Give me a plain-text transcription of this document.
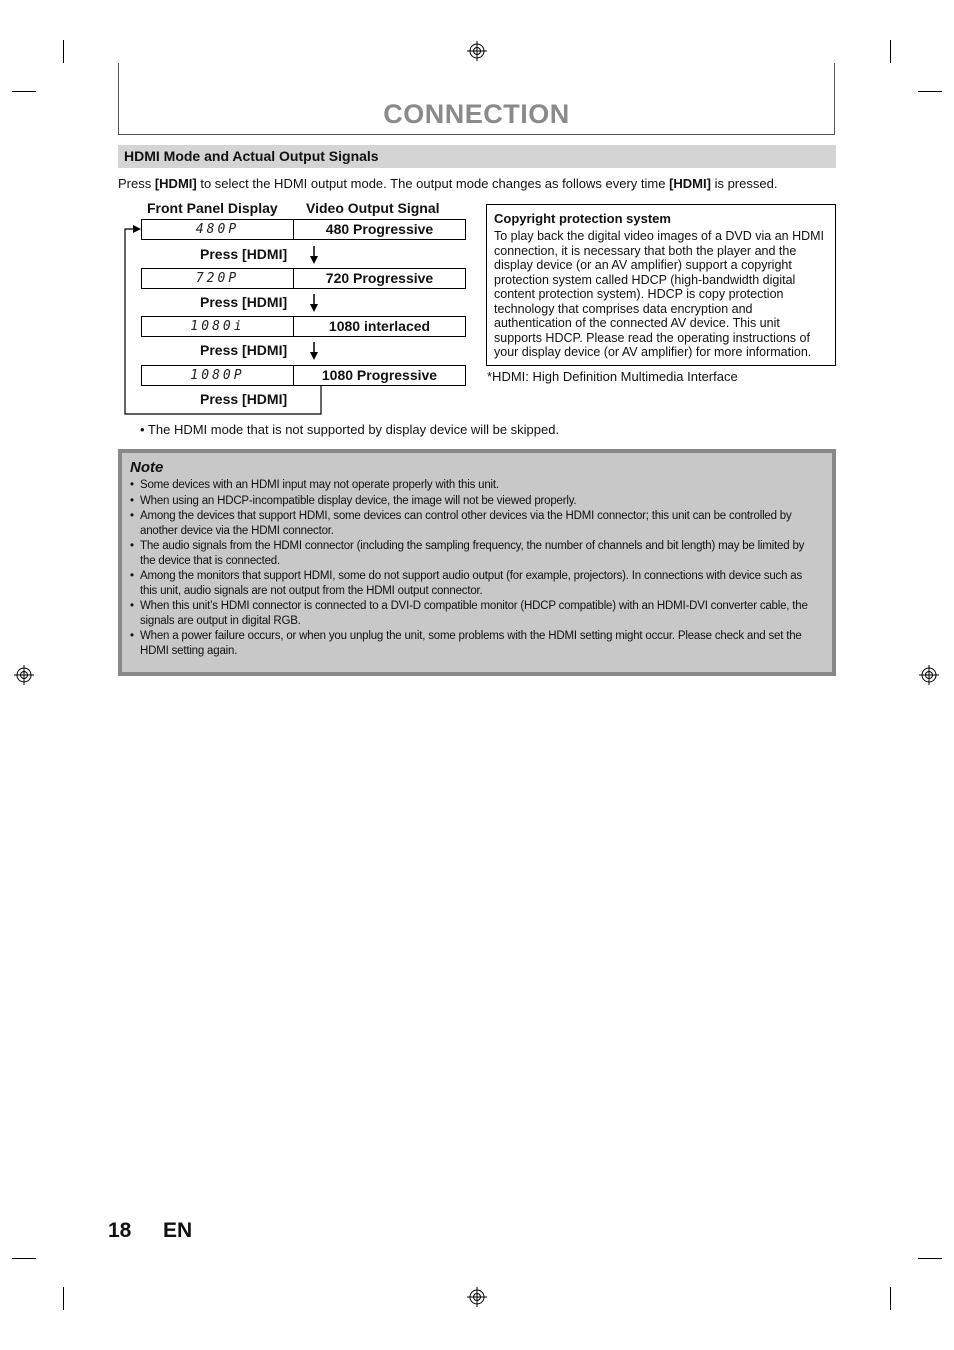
CONNECTION
HDMI Mode and Actual Output Signals
Press [HDMI] to select the HDMI output mode. The output mode changes as follows every time [HDMI] is pressed.
Front Panel Display Video Output Signal
480P	480 Progressive
Press [HDMI]
720P	720 Progressive
Press [HDMI]
1080i	1080 interlaced
Press [HDMI]
1080P	1080 Progressive
Press [HDMI]
Copyright protection system
To play back the digital video images of a DVD via an HDMI connection, it is necessary that both the player and the display device (or an AV amplifier) support a copyright protection system called HDCP (high-bandwidth digital content protection system). HDCP is copy protection technology that comprises data encryption and authentication of the connected AV device. This unit supports HDCP. Please read the operating instructions of your display device (or AV amplifier) for more information.
*HDMI: High Definition Multimedia Interface
• The HDMI mode that is not supported by display device will be skipped.
Note
• Some devices with an HDMI input may not operate properly with this unit.
• When using an HDCP-incompatible display device, the image will not be viewed properly.
• Among the devices that support HDMI, some devices can control other devices via the HDMI connector; this unit can be controlled by another device via the HDMI connector.
• The audio signals from the HDMI connector (including the sampling frequency, the number of channels and bit length) may be limited by the device that is connected.
• Among the monitors that support HDMI, some do not support audio output (for example, projectors). In connections with device such as this unit, audio signals are not output from the HDMI output connector.
• When this unit’s HDMI connector is connected to a DVI-D compatible monitor (HDCP compatible) with an HDMI-DVI converter cable, the signals are output in digital RGB.
• When a power failure occurs, or when you unplug the unit, some problems with the HDMI setting might occur. Please check and set the HDMI setting again.
18 EN
